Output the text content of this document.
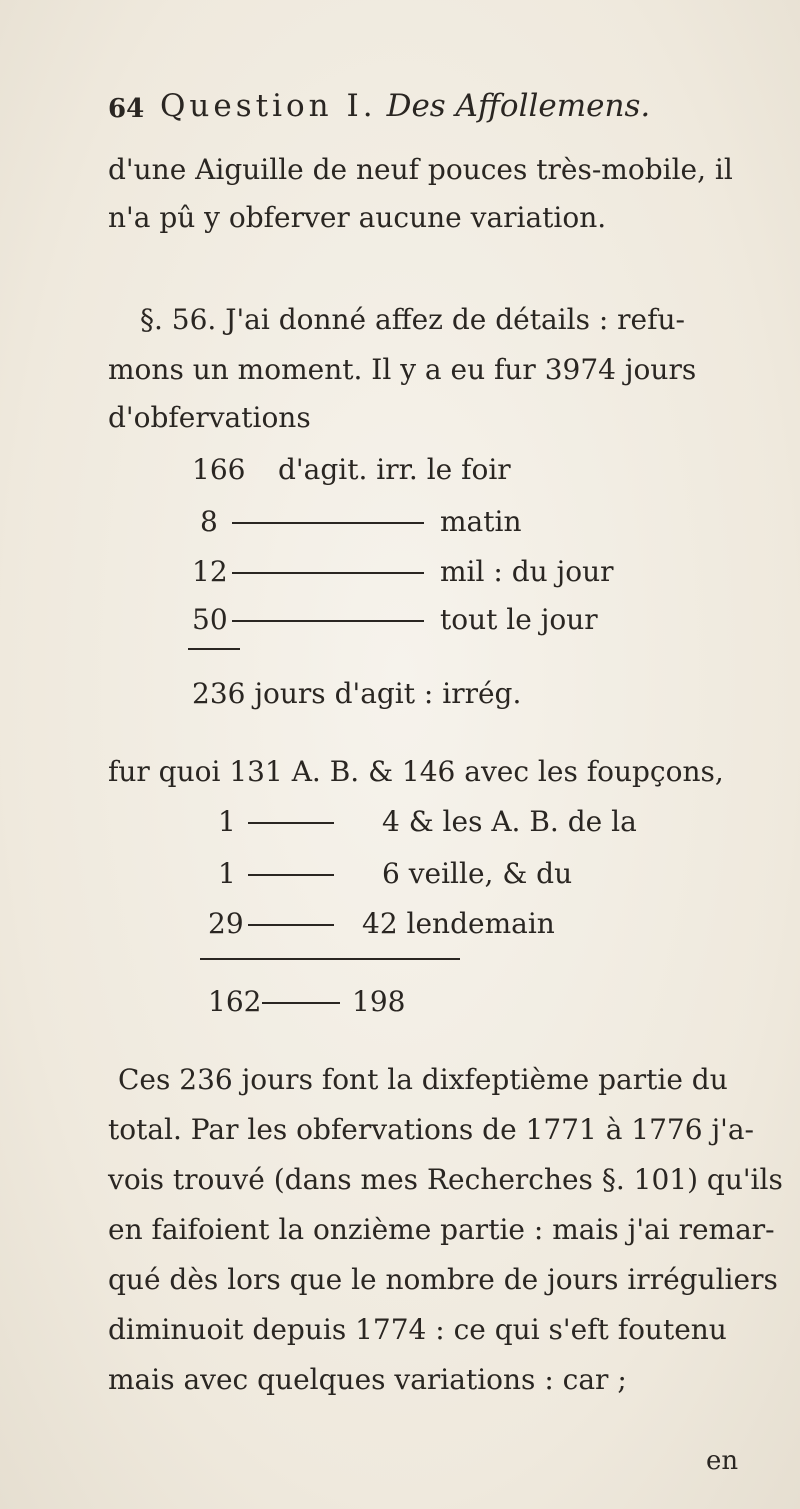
64 Question I. Des Affollemens.
d'une Aiguille de neuf pouces très-mobile, il
n'a pû y obferver aucune variation.
§. 56. J'ai donné affez de détails : refu-
mons un moment. Il y a eu fur 3974 jours
d'obfervations
166 d'agit. irr. le foir
8	matin
12	mil : du jour
50	tout le jour
236 jours d'agit : irrég.
fur quoi 131 A. B. & 146 avec les foupçons,
1	4 & les A. B. de la
1	6 veille, & du
29	42 lendemain
162	198
Ces 236 jours font la dixfeptième partie du
total. Par les obfervations de 1771 à 1776 j'a-
vois trouvé (dans mes Recherches §. 101) qu'ils
en faifoient la onzième partie : mais j'ai remar-
qué dès lors que le nombre de jours irréguliers
diminuoit depuis 1774 : ce qui s'eft foutenu
mais avec quelques variations : car ;
en
